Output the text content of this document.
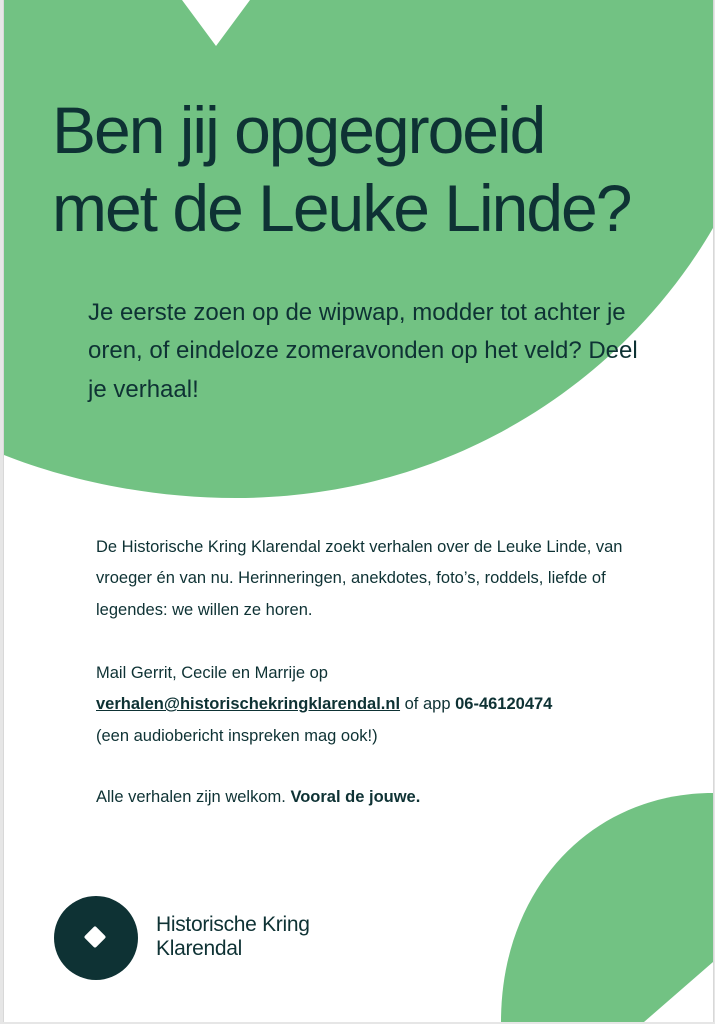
Ben jij opgegroeid
met de Leuke Linde?

Je eerste zoen op de wipwap, modder tot achter je oren, of eindeloze zomeravonden op het veld? Deel je verhaal!

De Historische Kring Klarendal zoekt verhalen over de Leuke Linde, van vroeger én van nu. Herinneringen, anekdotes, foto’s, roddels, liefde of legendes: we willen ze horen.

Mail Gerrit, Cecile en Marrije op
verhalen@historischekringklarendal.nl of app 06-46120474
(een audiobericht inspreken mag ook!)

Alle verhalen zijn welkom. Vooral de jouwe.

Historische Kring
Klarendal
